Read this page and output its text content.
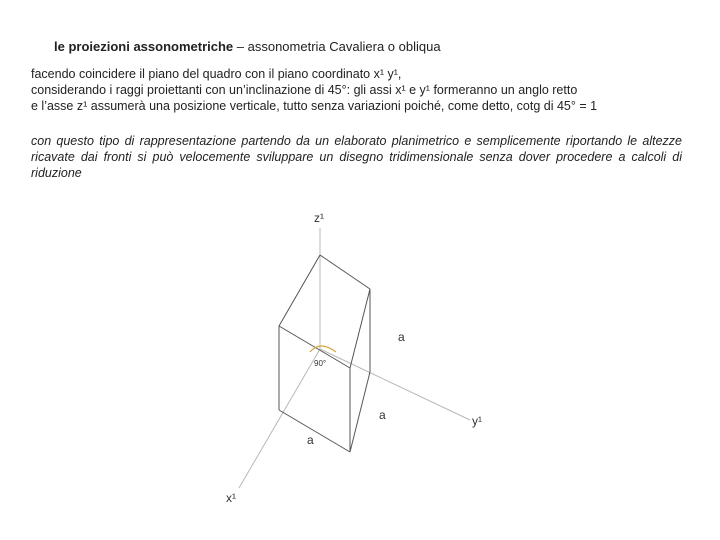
le proiezioni assonometriche – assonometria Cavaliera o obliqua
facendo coincidere il piano del quadro con il piano coordinato x¹ y¹,
considerando i raggi proiettanti con un’inclinazione di 45°: gli assi x¹ e y¹ formeranno un anglo retto
e l’asse z¹ assumerà una posizione verticale, tutto senza variazioni poiché, come detto, cotg di 45° = 1
con questo tipo di rappresentazione partendo da un elaborato planimetrico e semplicemente riportando le altezze ricavate dai fronti si può velocemente sviluppare un disegno tridimensionale senza dover procedere a calcoli di riduzione
z¹
y¹
x¹
90°
a
a
a
